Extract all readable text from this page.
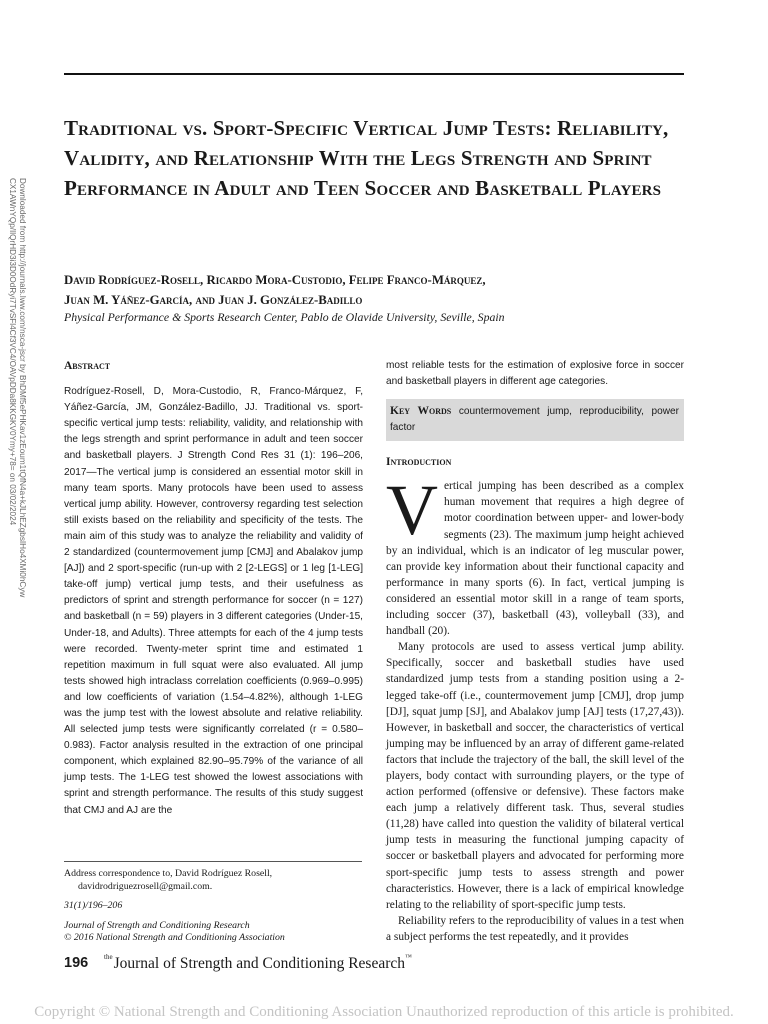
Downloaded from http://journals.lww.com/nsca-jscr by BhDMf5ePHKav1zEoum1tQfN4a+kJLhEZgbsIHo4XMi0hCyw
CX1AWnYQp/IlQrHD3i3D0OdRyi7TvSFl4Cf3VC4/OAVpDDa8KKGKV0Ymy+78= on 03/02/2024
Traditional vs. Sport-Specific Vertical Jump Tests: Reliability, Validity, and Relationship With the Legs Strength and Sprint Performance in Adult and Teen Soccer and Basketball Players
David Rodríguez-Rosell, Ricardo Mora-Custodio, Felipe Franco-Márquez,
Juan M. Yáñez-García, and Juan J. González-Badillo

Physical Performance & Sports Research Center, Pablo de Olavide University, Seville, Spain

Abstract

Rodríguez-Rosell, D, Mora-Custodio, R, Franco-Márquez, F, Yáñez-García, JM, González-Badillo, JJ. Traditional vs. sport-specific vertical jump tests: reliability, validity, and relationship with the legs strength and sprint performance in adult and teen soccer and basketball players. J Strength Cond Res 31 (1): 196–206, 2017—The vertical jump is considered an essential motor skill in many team sports. Many protocols have been used to assess vertical jump ability. However, controversy regarding test selection still exists based on the reliability and specificity of the tests. The main aim of this study was to analyze the reliability and validity of 2 standardized (countermovement jump [CMJ] and Abalakov jump [AJ]) and 2 sport-specific (run-up with 2 [2-LEGS] or 1 leg [1-LEG] take-off jump) vertical jump tests, and their usefulness as predictors of sprint and strength performance for soccer (n = 127) and basketball (n = 59) players in 3 different categories (Under-15, Under-18, and Adults). Three attempts for each of the 4 jump tests were recorded. Twenty-meter sprint time and estimated 1 repetition maximum in full squat were also evaluated. All jump tests showed high intraclass correlation coefficients (0.969–0.995) and low coefficients of variation (1.54–4.82%), although 1-LEG was the jump test with the lowest absolute and relative reliability. All selected jump tests were significantly correlated (r = 0.580–0.983). Factor analysis resulted in the extraction of one principal component, which explained 82.90–95.79% of the variance of all jump tests. The 1-LEG test showed the lowest associations with sprint and strength performance. The results of this study suggest that CMJ and AJ are the

most reliable tests for the estimation of explosive force in soccer and basketball players in different age categories.

Key Words countermovement jump, reproducibility, power factor
Introduction

Vertical jumping has been described as a complex human movement that requires a high degree of motor coordination between upper- and lower-body segments (23). The maximum jump height achieved by an individual, which is an indicator of leg muscular power, can provide key information about their functional capacity and performance in many sports (6). In fact, vertical jumping is considered an essential motor skill in a range of team sports, including soccer (37), basketball (43), volleyball (33), and handball (20).

Many protocols are used to assess vertical jump ability. Specifically, soccer and basketball studies have used standardized jump tests from a standing position using a 2-legged take-off (i.e., countermovement jump [CMJ], drop jump [DJ], squat jump [SJ], and Abalakov jump [AJ] tests (17,27,43)). However, in basketball and soccer, the characteristics of vertical jumping may be influenced by an array of different game-related factors that include the trajectory of the ball, the skill level of the players, body contact with surrounding players, or the type of action performed (offensive or defensive). These factors make each jump a relatively different task. Thus, several studies (11,28) have called into question the validity of bilateral vertical jump tests in measuring the functional jumping capacity of soccer or basketball players and advocated for performing more sport-specific jump tests to assess strength and power characteristics. However, there is a lack of empirical knowledge relating to the reliability of sport-specific jump tests.

Reliability refers to the reproducibility of values in a test when a subject performs the test repeatedly, and it provides

Address correspondence to, David Rodríguez Rosell,

davidrodriguezrosell@gmail.com.

31(1)/196–206

Journal of Strength and Conditioning Research

© 2016 National Strength and Conditioning Association

196 $^{the}$Journal of Strength and Conditioning Research™
Copyright © National Strength and Conditioning Association Unauthorized reproduction of this article is prohibited.
